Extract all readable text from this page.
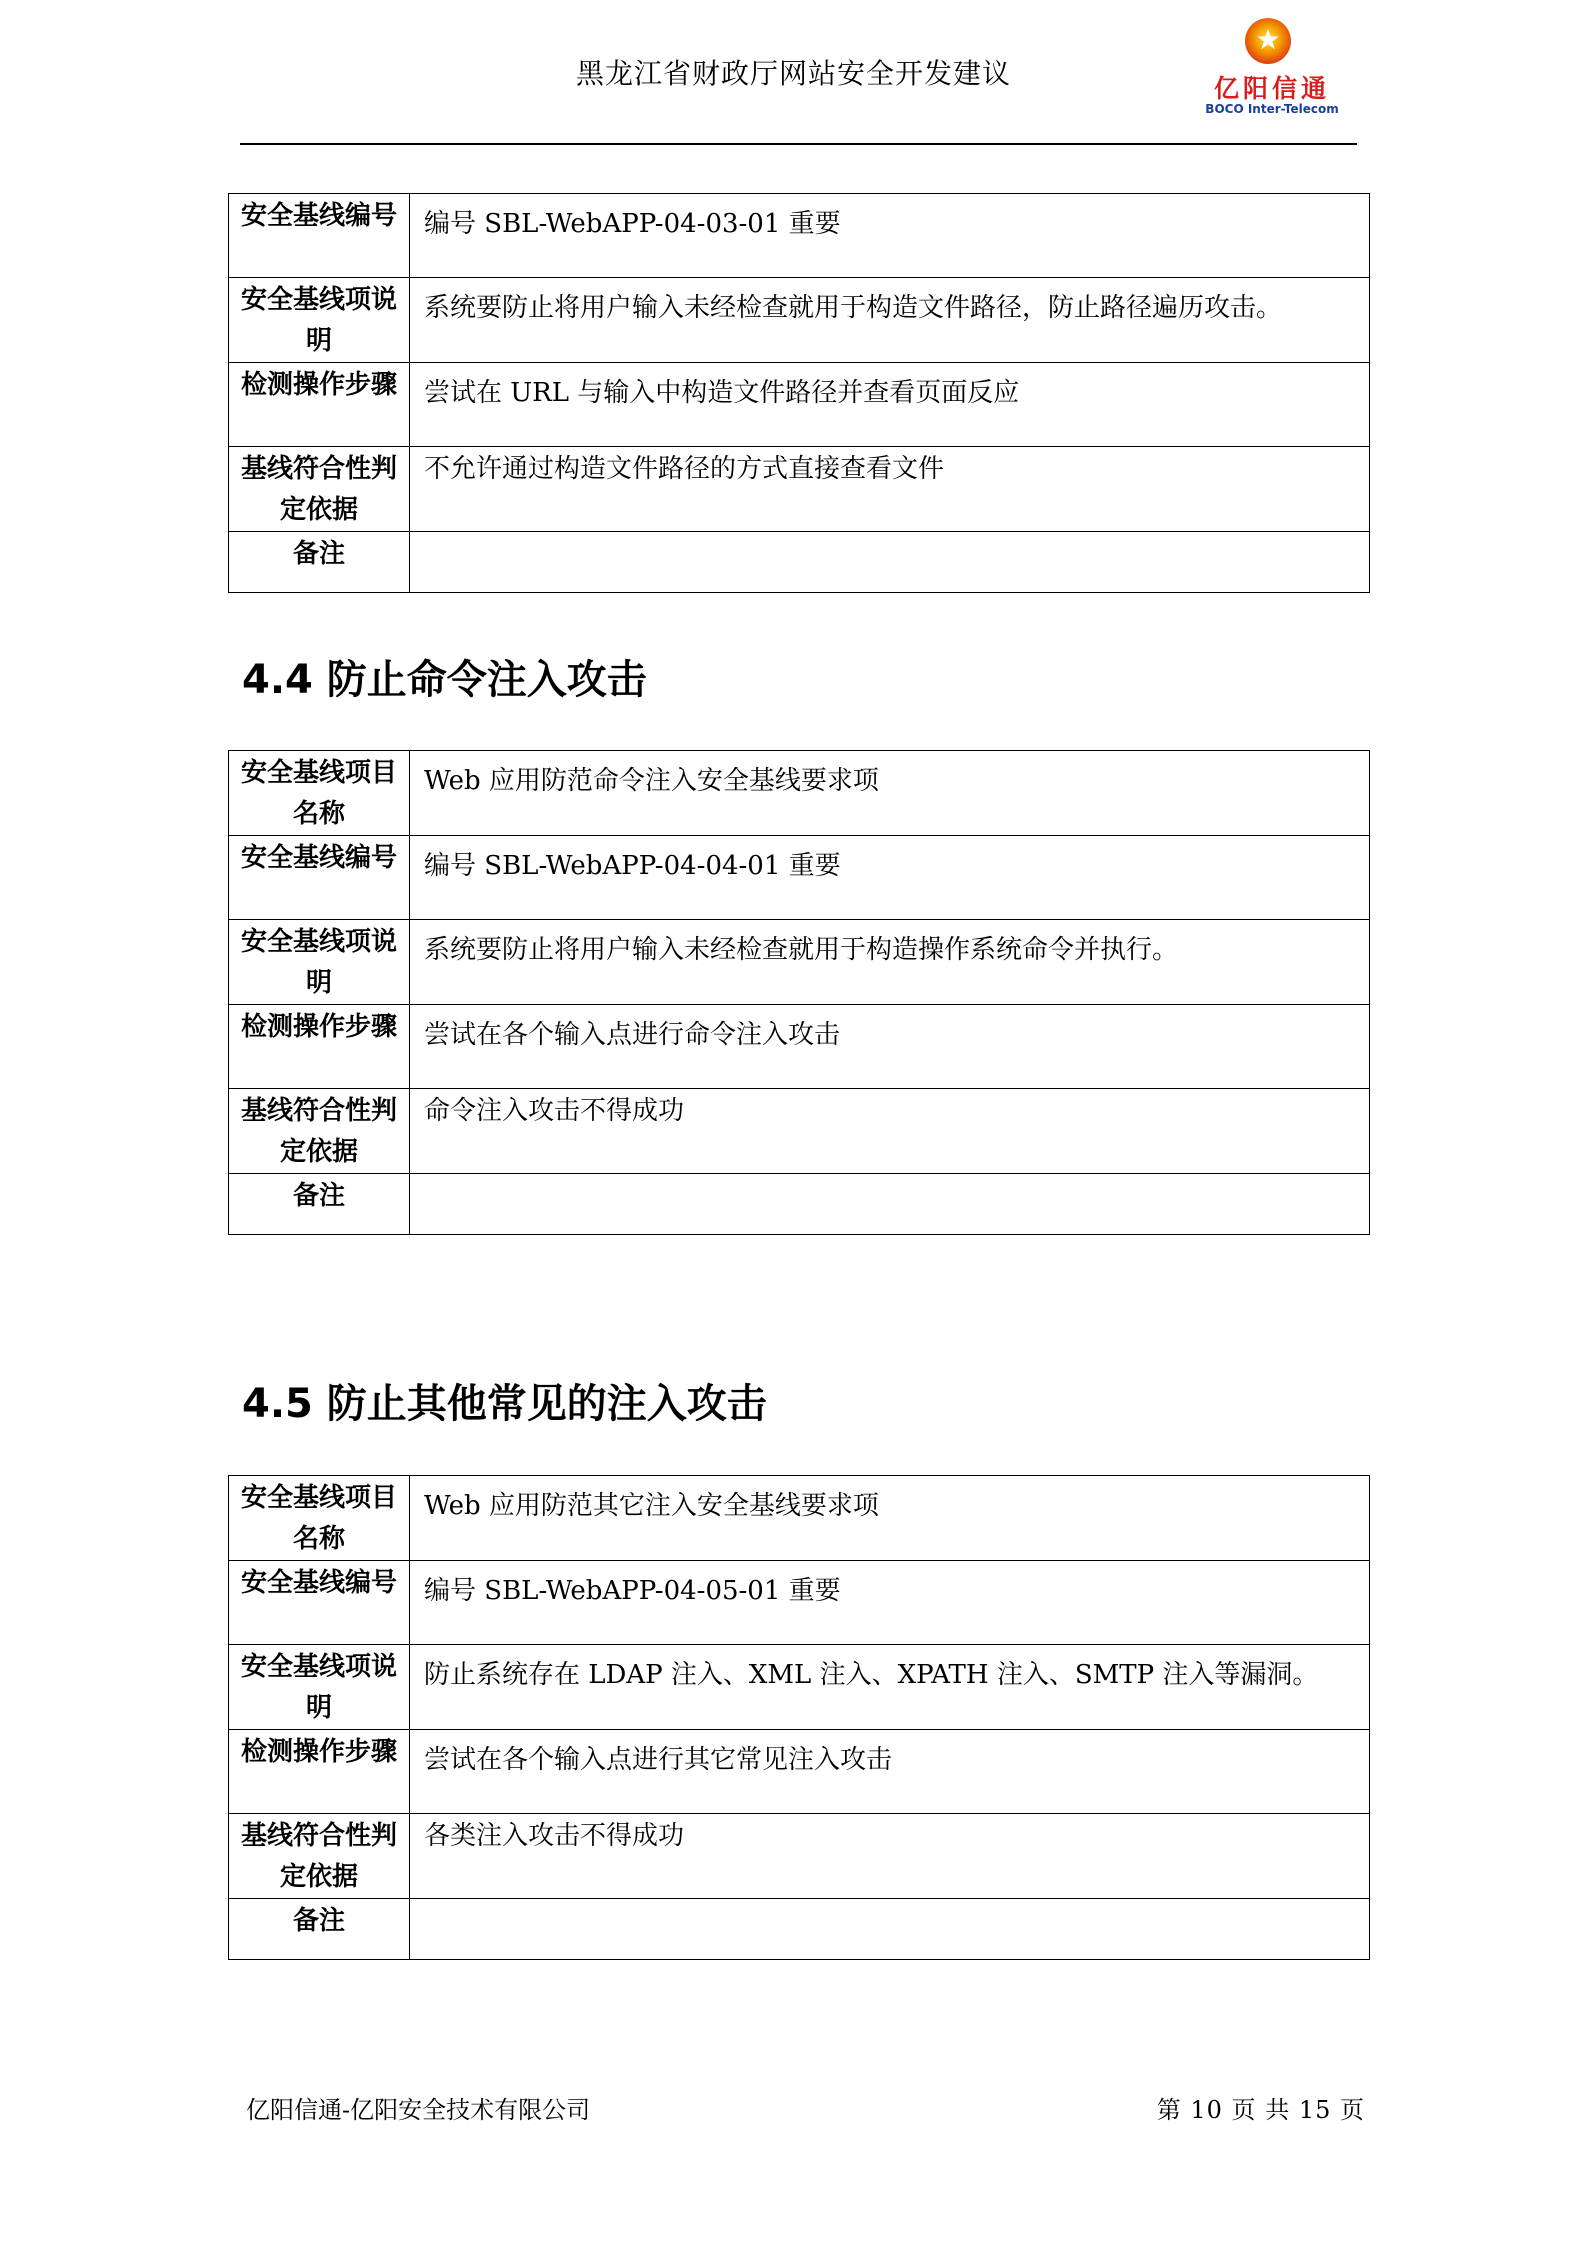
黑龙江省财政厅网站安全开发建议
★
亿阳信通
BOCO Inter-Telecom
安全基线编号	编号 SBL-WebAPP-04-03-01 重要
安全基线项说明	系统要防止将用户输入未经检查就用于构造文件路径，防止路径遍历攻击。
检测操作步骤	尝试在 URL 与输入中构造文件路径并查看页面反应
基线符合性判定依据	不允许通过构造文件路径的方式直接查看文件
备注	
4.4 防止命令注入攻击
安全基线项目名称	Web 应用防范命令注入安全基线要求项
安全基线编号	编号 SBL-WebAPP-04-04-01 重要
安全基线项说明	系统要防止将用户输入未经检查就用于构造操作系统命令并执行。
检测操作步骤	尝试在各个输入点进行命令注入攻击
基线符合性判定依据	命令注入攻击不得成功
备注	
4.5 防止其他常见的注入攻击
安全基线项目名称	Web 应用防范其它注入安全基线要求项
安全基线编号	编号 SBL-WebAPP-04-05-01 重要
安全基线项说明	防止系统存在 LDAP 注入、XML 注入、XPATH 注入、SMTP 注入等漏洞。
检测操作步骤	尝试在各个输入点进行其它常见注入攻击
基线符合性判定依据	各类注入攻击不得成功
备注	
亿阳信通-亿阳安全技术有限公司	第 10 页 共 15 页
